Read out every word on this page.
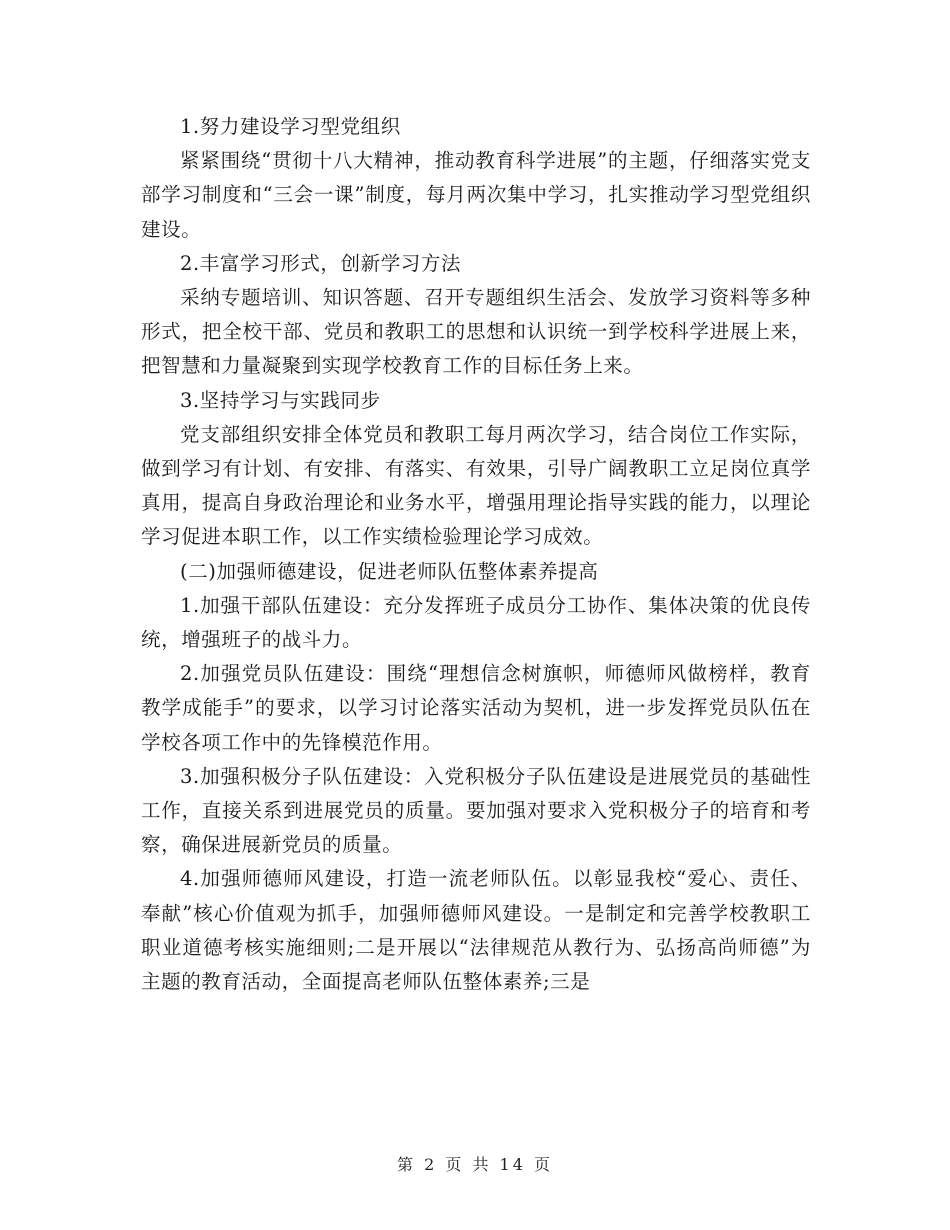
1.努力建设学习型党组织

紧紧围绕“贯彻十八大精神，推动教育科学进展”的主题，仔细落实党支部学习制度和“三会一课”制度，每月两次集中学习，扎实推动学习型党组织建设。

2.丰富学习形式，创新学习方法

采纳专题培训、知识答题、召开专题组织生活会、发放学习资料等多种形式，把全校干部、党员和教职工的思想和认识统一到学校科学进展上来，把智慧和力量凝聚到实现学校教育工作的目标任务上来。

3.坚持学习与实践同步

党支部组织安排全体党员和教职工每月两次学习，结合岗位工作实际，做到学习有计划、有安排、有落实、有效果，引导广阔教职工立足岗位真学真用，提高自身政治理论和业务水平，增强用理论指导实践的能力，以理论学习促进本职工作，以工作实绩检验理论学习成效。

(二)加强师德建设，促进老师队伍整体素养提高

1.加强干部队伍建设：充分发挥班子成员分工协作、集体决策的优良传统，增强班子的战斗力。

2.加强党员队伍建设：围绕“理想信念树旗帜，师德师风做榜样，教育教学成能手”的要求，以学习讨论落实活动为契机，进一步发挥党员队伍在学校各项工作中的先锋模范作用。

3.加强积极分子队伍建设：入党积极分子队伍建设是进展党员的基础性工作，直接关系到进展党员的质量。要加强对要求入党积极分子的培育和考察，确保进展新党员的质量。

4.加强师德师风建设，打造一流老师队伍。以彰显我校“爱心、责任、奉献”核心价值观为抓手，加强师德师风建设。一是制定和完善学校教职工职业道德考核实施细则;二是开展以“法律规范从教行为、弘扬高尚师德”为主题的教育活动，全面提高老师队伍整体素养;三是

第 2 页 共 14 页
